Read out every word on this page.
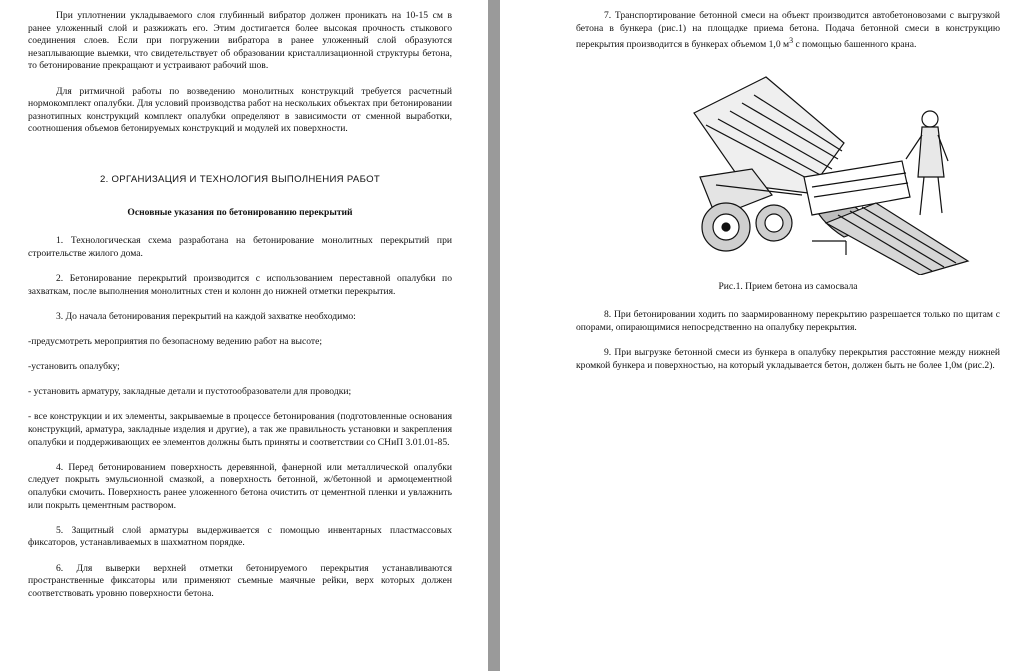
При уплотнении укладываемого слоя глубинный вибратор должен проникать на 10-15 см в ранее уложенный слой и разжижать его. Этим достигается более высокая прочность стыкового соединения слоев. Если при погружении вибратора в ранее уложенный слой образуются незаплывающие выемки, что свидетельствует об образовании кристаллизационной структуры бетона, то бетонирование прекращают и устраивают рабочий шов.

Для ритмичной работы по возведению монолитных конструкций требуется расчетный нормокомплект опалубки. Для условий производства работ на нескольких объектах при бетонировании разнотипных конструкций комплект опалубки определяют в зависимости от сменной выработки, соотношения объемов бетонируемых конструкций и модулей их поверхности.

2. ОРГАНИЗАЦИЯ И ТЕХНОЛОГИЯ ВЫПОЛНЕНИЯ РАБОТ
Основные указания по бетонированию перекрытий

1. Технологическая схема разработана на бетонирование монолитных перекрытий при строительстве жилого дома.

2. Бетонирование перекрытий производится с использованием переставной опалубки по захваткам, после выполнения монолитных стен и колонн до нижней отметки перекрытия.

3. До начала бетонирования перекрытий на каждой захватке необходимо:

-предусмотреть мероприятия по безопасному ведению работ на высоте;

-установить опалубку;

- установить арматуру, закладные детали и пустотообразователи для проводки;

- все конструкции и их элементы, закрываемые в процессе бетонирования (подготовленные основания конструкций, арматура, закладные изделия и другие), а так же правильность установки и закрепления опалубки и поддерживающих ее элементов должны быть приняты и соответствии со СНиП 3.01.01-85.

4. Перед бетонированием поверхность деревянной, фанерной или металлической опалубки следует покрыть эмульсионной смазкой, а поверхность бетонной, ж/бетонной и армоцементной опалубки смочить. Поверхность ранее уложенного бетона очистить от цементной пленки и увлажнить или покрыть цементным раствором.

5. Защитный слой арматуры выдерживается с помощью инвентарных пластмассовых фиксаторов, устанавливаемых в шахматном порядке.

6. Для выверки верхней отметки бетонируемого перекрытия устанавливаются пространственные фиксаторы или применяют съемные маячные рейки, верх которых должен соответствовать уровню поверхности бетона.

7. Транспортирование бетонной смеси на объект производится автобетоновозами с выгрузкой бетона в бункера (рис.1) на площадке приема бетона. Подача бетонной смеси в конструкцию перекрытия производится в бункерах объемом 1,0 $м^3$ с помощью башенного крана.

Рис.1. Прием бетона из самосвала

8. При бетонировании ходить по заармированному перекрытию разрешается только по щитам с опорами, опирающимися непосредственно на опалубку перекрытия.

9. При выгрузке бетонной смеси из бункера в опалубку перекрытия расстояние между нижней кромкой бункера и поверхностью, на который укладывается бетон, должен быть не более 1,0м (рис.2).
